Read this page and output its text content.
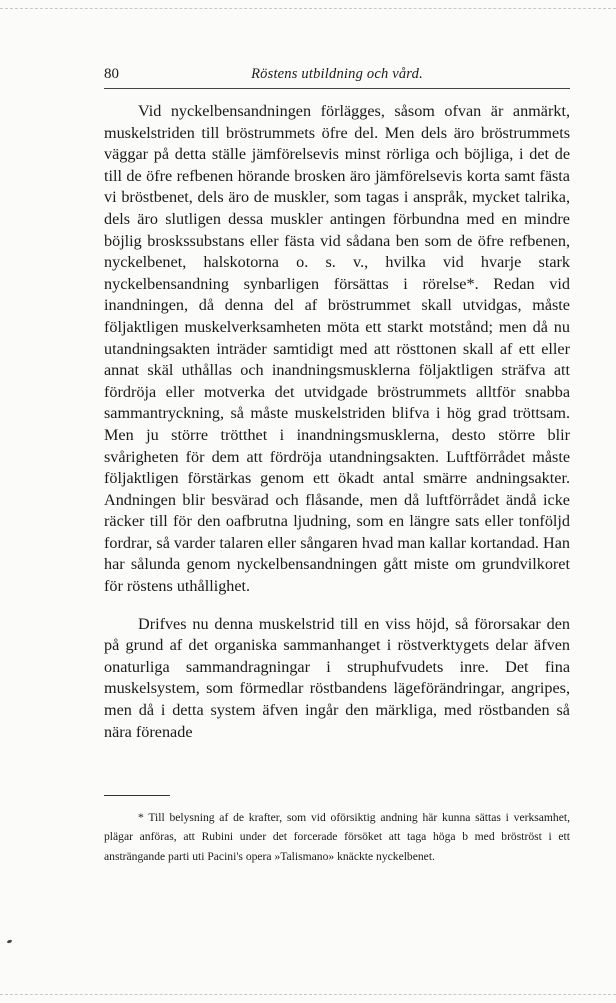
80	Röstens utbildning och vård.

Vid nyckelbensandningen förlägges, såsom ofvan är anmärkt, muskelstriden till bröstrummets öfre del. Men dels äro bröstrummets väggar på detta ställe jämförelsevis minst rörliga och böjliga, i det de till de öfre refbenen hörande brosken äro jämförelsevis korta samt fästa vi bröstbenet, dels äro de muskler, som tagas i anspråk, mycket talrika, dels äro slutligen dessa muskler antingen förbundna med en mindre böjlig broskssubstans eller fästa vid sådana ben som de öfre refbenen, nyckelbenet, halskotorna o. s. v., hvilka vid hvarje stark nyckelbensandning synbarligen försättas i rörelse*. Redan vid inandningen, då denna del af bröstrummet skall utvidgas, måste följaktligen muskelverksamheten möta ett starkt motstånd; men då nu utandningsakten inträder samtidigt med att rösttonen skall af ett eller annat skäl uthållas och inandningsmusklerna följaktligen sträfva att fördröja eller motverka det utvidgade bröstrummets alltför snabba sammantryckning, så måste muskelstriden blifva i hög grad tröttsam. Men ju större trötthet i inandningsmusklerna, desto större blir svårigheten för dem att fördröja utandningsakten. Luftförrådet måste följaktligen förstärkas genom ett ökadt antal smärre andningsakter. Andningen blir besvärad och flåsande, men då luftförrådet ändå icke räcker till för den oafbrutna ljudning, som en längre sats eller tonföljd fordrar, så varder talaren eller sångaren hvad man kallar kortandad. Han har sålunda genom nyckelbensandningen gått miste om grundvilkoret för röstens uthållighet.

Drifves nu denna muskelstrid till en viss höjd, så förorsakar den på grund af det organiska sammanhanget i röstverktygets delar äfven onaturliga sammandragningar i struphufvudets inre. Det fina muskelsystem, som förmedlar röstbandens lägeförändringar, angripes, men då i detta system äfven ingår den märkliga, med röstbanden så nära förenade

* Till belysning af de krafter, som vid oförsiktig andning här kunna sättas i verksamhet, plägar anföras, att Rubini under det forcerade försöket att taga höga b med bröströst i ett ansträngande parti uti Pacini's opera »Talismano» knäckte nyckelbenet.
